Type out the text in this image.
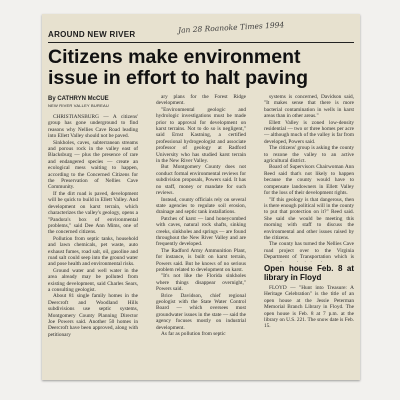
AROUND NEW RIVER	Jan 28 Roanoke Times 1994
Citizens make environment issue in effort to halt paving
By CATHRYN McCUE
NEW RIVER VALLEY BUREAU

CHRISTIANSBURG — A citizens' group has gone underground to find reasons why Nellies Cave Road leading into Ellett Valley should not be paved.

Sinkholes, caves, subterranean streams and porous rock in the valley east of Blacksburg — plus the presence of rare and endangered species — create an ecological mess waiting to happen, according to the Concerned Citizens for the Preservation of Nellies Cave Community.

If the dirt road is paved, development will be quick to build in Ellett Valley. And development on karst terrain, which characterizes the valley's geology, opens a "Pandora's box of environmental problems," said Dee Ann Mims, one of the concerned citizens.

Pollution from septic tanks, household and lawn chemicals, pet waste, auto exhaust fumes, road salt, oil, gasoline and road salt could seep into the ground water and pose health and environmental risks.

Ground water and well water in the area already may be polluted from existing development, said Charles Sears, a consulting geologist.

About 81 single family homes in the Deercroft and Woodland Hills subdivisions use septic systems, Montgomery County Planning Director Joe Powers said. Another 50 homes in Deercroft have been approved, along with petitionary

ary plans for the Forest Ridge development.

"Environmental geologic and hydrologic investigations must be made prior to approval for development on karst terrains. Not to do so is negligent," said Ernst Kastning, a certified professional hydrogeologist and associate professor of geology at Radford University who has studied karst terrain in the New River Valley.

But Montgomery County does not conduct formal environmental reviews for subdivision proposals, Powers said. It has no staff, money or mandate for such reviews.

Instead, county officials rely on several state agencies to regulate soil erosion, drainage and septic tank installations.

Patches of karst — land honeycombed with caves, natural rock shafts, sinking creeks, sinkholes and springs — are found throughout the New River Valley and are frequently developed.

The Radford Army Ammunition Plant, for instance, is built on karst terrain, Powers said. But he knows of no serious problem related to development on karst.

"It's not like the Florida sinkholes where things disappear overnight," Powers said.

Brice Davidson, chief regional geologist with the State Water Control Board — which oversees most groundwater issues in the state — said the agency focuses mostly on industrial development.

As far as pollution from septic

systems is concerned, Davidson said, "It makes sense that there is more bacterial contamination in wells in karst areas than in other areas."

Ellett Valley is zoned low-density residential — two or three homes per acre — although much of the valley is far from developed, Powers said.

The citizens' group is asking the county to rezone the valley to an active agricultural district.

Board of Supervisors Chairwoman Ann Reed said that's not likely to happen because the county would have to compensate landowners in Ellett Valley for the loss of their development rights.

"If this geology is that dangerous, then is there enough political will in the county to put that protection on it?" Reed said. She said she would be meeting this morning with staff to discuss the environmental and other issues raised by the citizens.

The county has turned the Nellies Cave road project over to the Virginia Department of Transportation which is

Open house Feb. 8 at library in Floyd

FLOYD — "Hunt into Treasure: A Heritage Celebration" is the title of an open house at the Jessie Peterman Memorial Branch Library in Floyd. The open house is Feb. 8 at 7 p.m. at the library on U.S. 221. The snow date is Feb. 15.
